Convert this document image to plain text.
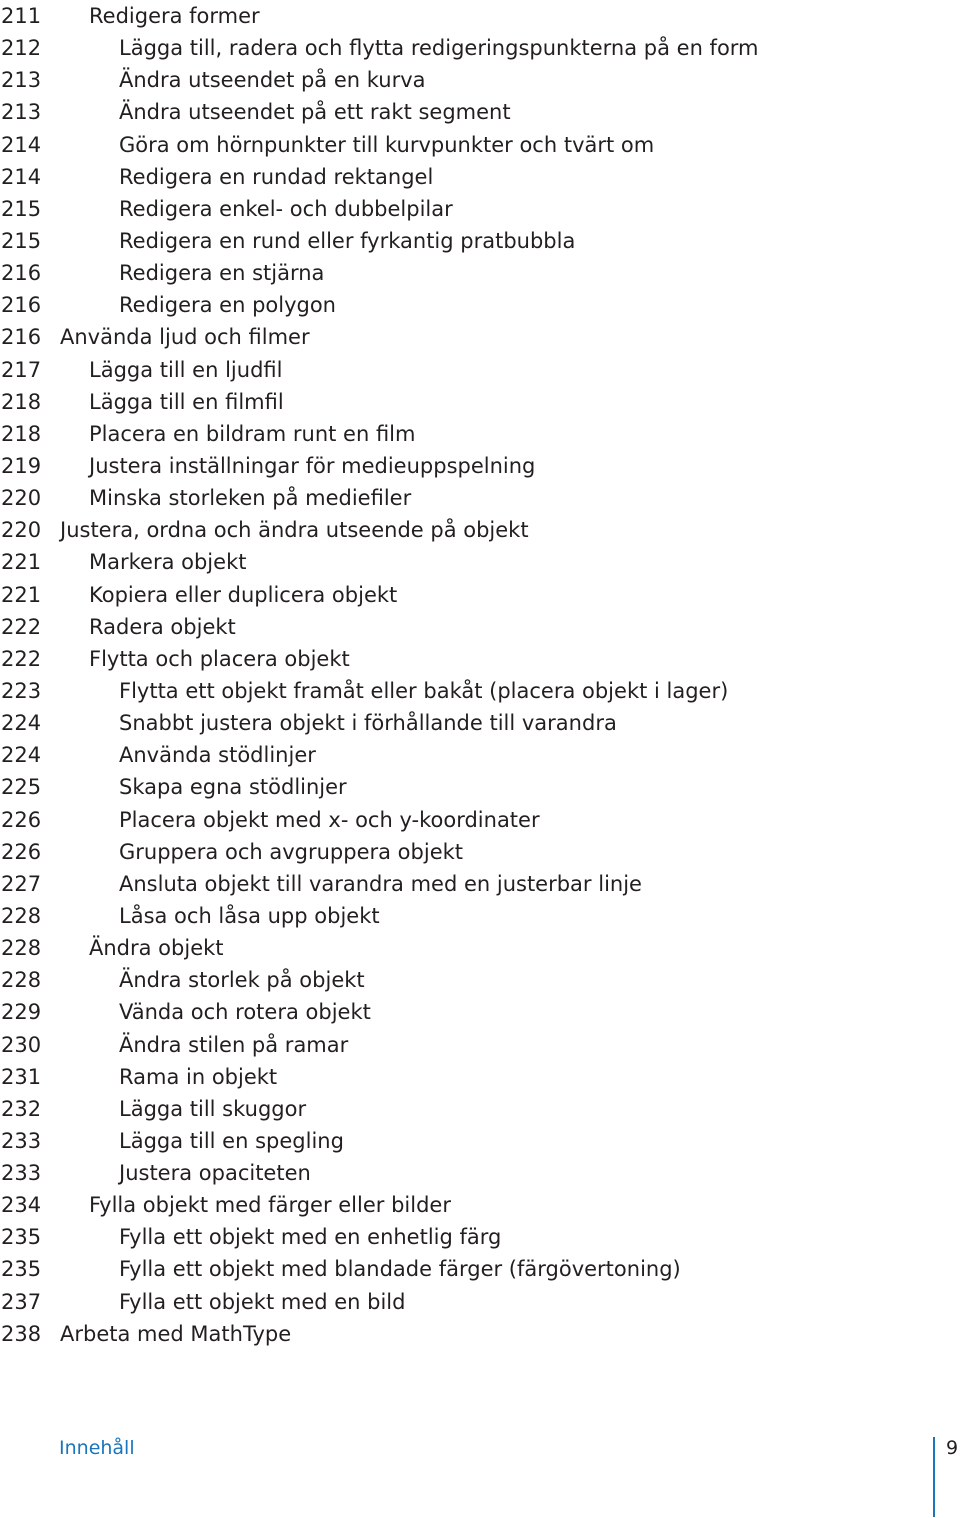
211 Redigera former
212	Lägga till, radera och flytta redigeringspunkterna på en form
213	Ändra utseendet på en kurva
213	Ändra utseendet på ett rakt segment
214	Göra om hörnpunkter till kurvpunkter och tvärt om
214	Redigera en rundad rektangel
215	Redigera enkel- och dubbelpilar
215	Redigera en rund eller fyrkantig pratbubbla
216	Redigera en stjärna
216	Redigera en polygon
216 Använda ljud och filmer
217 Lägga till en ljudfil
218 Lägga till en filmfil
218 Placera en bildram runt en film
219 Justera inställningar för medieuppspelning
220 Minska storleken på mediefiler
220 Justera, ordna och ändra utseende på objekt
221 Markera objekt
221 Kopiera eller duplicera objekt
222 Radera objekt
222 Flytta och placera objekt
223	Flytta ett objekt framåt eller bakåt (placera objekt i lager)
224	Snabbt justera objekt i förhållande till varandra
224	Använda stödlinjer
225	Skapa egna stödlinjer
226	Placera objekt med x- och y-koordinater
226	Gruppera och avgruppera objekt
227	Ansluta objekt till varandra med en justerbar linje
228	Låsa och låsa upp objekt
228 Ändra objekt
228	Ändra storlek på objekt
229	Vända och rotera objekt
230	Ändra stilen på ramar
231	Rama in objekt
232	Lägga till skuggor
233	Lägga till en spegling
233	Justera opaciteten
234 Fylla objekt med färger eller bilder
235	Fylla ett objekt med en enhetlig färg
235	Fylla ett objekt med blandade färger (färgövertoning)
237	Fylla ett objekt med en bild
238 Arbeta med MathType
Innehåll	9
